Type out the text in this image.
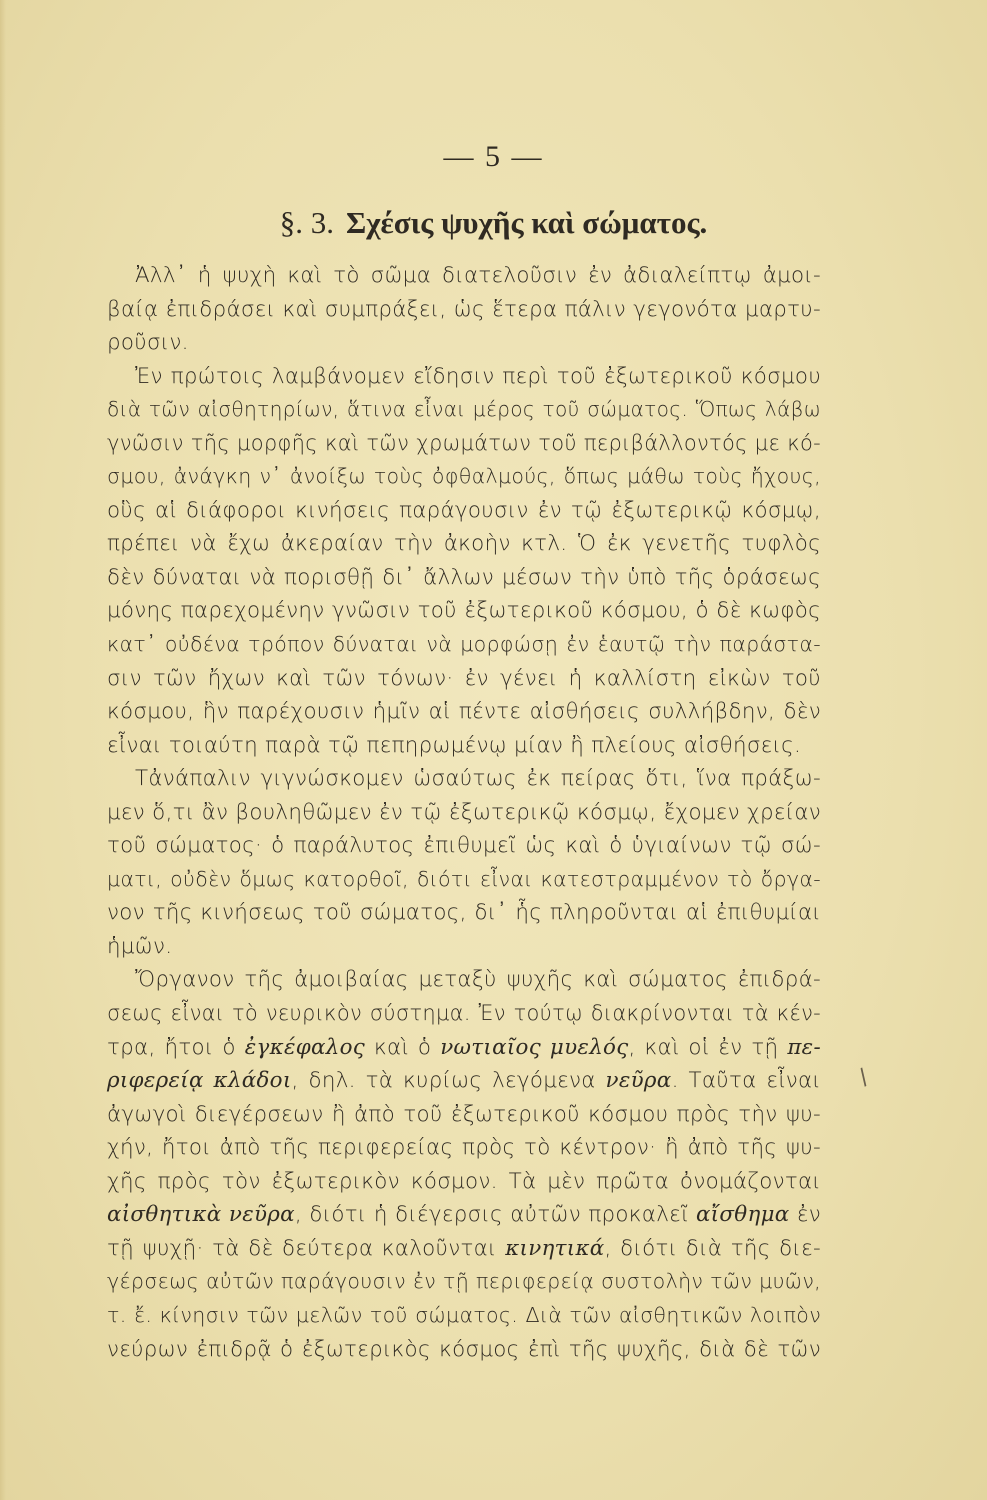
— 5 —
§. 3. Σχέσις ψυχῆς καὶ σώματος.
Ἀλλ᾽ ἡ ψυχὴ καὶ τὸ σῶμα διατελοῦσιν ἐν ἀδιαλείπτῳ ἀμοι-
βαίᾳ ἐπιδράσει καὶ συμπράξει, ὡς ἕτερα πάλιν γεγονότα μαρτυ-
ροῦσιν.
Ἐν πρώτοις λαμβάνομεν εἴδησιν περὶ τοῦ ἐξωτερικοῦ κόσμου
διὰ τῶν αἰσθητηρίων, ἅτινα εἶναι μέρος τοῦ σώματος. Ὅπως λάβω
γνῶσιν τῆς μορφῆς καὶ τῶν χρωμάτων τοῦ περιβάλλοντός με κό-
σμου, ἀνάγκη ν᾽ ἀνοίξω τοὺς ὀφθαλμούς, ὅπως μάθω τοὺς ἤχους,
οὓς αἱ διάφοροι κινήσεις παράγουσιν ἐν τῷ ἐξωτερικῷ κόσμῳ,
πρέπει νὰ ἔχω ἀκεραίαν τὴν ἀκοὴν κτλ. Ὁ ἐκ γενετῆς τυφλὸς
δὲν δύναται νὰ πορισθῇ δι᾽ ἄλλων μέσων τὴν ὑπὸ τῆς ὁράσεως
μόνης παρεχομένην γνῶσιν τοῦ ἐξωτερικοῦ κόσμου, ὁ δὲ κωφὸς
κατ᾽ οὐδένα τρόπον δύναται νὰ μορφώσῃ ἐν ἑαυτῷ τὴν παράστα-
σιν τῶν ἤχων καὶ τῶν τόνων· ἐν γένει ἡ καλλίστη εἰκὼν τοῦ
κόσμου, ἣν παρέχουσιν ἡμῖν αἱ πέντε αἰσθήσεις συλλήβδην, δὲν
εἶναι τοιαύτη παρὰ τῷ πεπηρωμένῳ μίαν ἢ πλείους αἰσθήσεις.
Τἀνάπαλιν γιγνώσκομεν ὡσαύτως ἐκ πείρας ὅτι, ἵνα πράξω-
μεν ὅ,τι ἂν βουληθῶμεν ἐν τῷ ἐξωτερικῷ κόσμῳ, ἔχομεν χρείαν
τοῦ σώματος· ὁ παράλυτος ἐπιθυμεῖ ὡς καὶ ὁ ὑγιαίνων τῷ σώ-
ματι, οὐδὲν ὅμως κατορθοῖ, διότι εἶναι κατεστραμμένον τὸ ὄργα-
νον τῆς κινήσεως τοῦ σώματος, δι᾽ ἧς πληροῦνται αἱ ἐπιθυμίαι
ἡμῶν.
Ὄργανον τῆς ἀμοιβαίας μεταξὺ ψυχῆς καὶ σώματος ἐπιδρά-
σεως εἶναι τὸ νευρικὸν σύστημα. Ἐν τούτῳ διακρίνονται τὰ κέν-
τρα, ἤτοι ὁ ἐγκέφαλος καὶ ὁ νωτιαῖος μυελός, καὶ οἱ ἐν τῇ πε-
ριφερείᾳ κλάδοι, δηλ. τὰ κυρίως λεγόμενα νεῦρα. Ταῦτα εἶναι
ἀγωγοὶ διεγέρσεων ἢ ἀπὸ τοῦ ἐξωτερικοῦ κόσμου πρὸς τὴν ψυ-
χήν, ἤτοι ἀπὸ τῆς περιφερείας πρὸς τὸ κέντρον· ἢ ἀπὸ τῆς ψυ-
χῆς πρὸς τὸν ἐξωτερικὸν κόσμον. Τὰ μὲν πρῶτα ὀνομάζονται
αἰσθητικὰ νεῦρα, διότι ἡ διέγερσις αὐτῶν προκαλεῖ αἴσθημα ἐν
τῇ ψυχῇ· τὰ δὲ δεύτερα καλοῦνται κινητικά, διότι διὰ τῆς διε-
γέρσεως αὐτῶν παράγουσιν ἐν τῇ περιφερείᾳ συστολὴν τῶν μυῶν,
τ. ἔ. κίνησιν τῶν μελῶν τοῦ σώματος. Διὰ τῶν αἰσθητικῶν λοιπὸν
νεύρων ἐπιδρᾷ ὁ ἐξωτερικὸς κόσμος ἐπὶ τῆς ψυχῆς, διὰ δὲ τῶν
/
